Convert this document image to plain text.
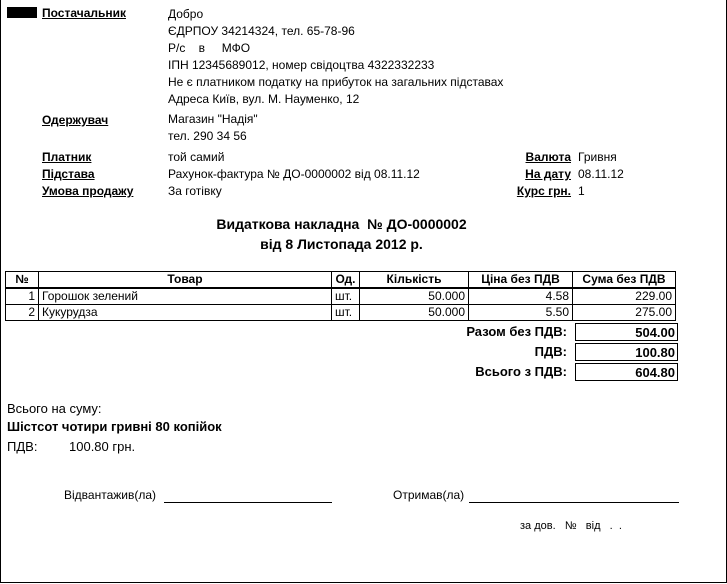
Постачальник	Добро
ЄДРПОУ 34214324, тел. 65-78-96
Р/с    в     МФО
ІПН 12345689012, номер свідоцтва 4322332233
Не є платником податку на прибуток на загальних підставах
Адреса Київ, вул. М. Науменко, 12
Одержувач	Магазин "Надія"
тел. 290 34 56
Платник	той самий
Підстава	Рахунок-фактура № ДО-0000002 від 08.11.12
Умова продажу	За готівку
Валюта Гривня
На дату 08.11.12
Курс грн. 1
Видаткова накладна  № ДО-0000002
від 8 Листопада 2012 р.
№	Товар	Од.	Кількість	Ціна без ПДВ	Сума без ПДВ
1	Горошок зелений	шт.	50.000	4.58	229.00
2	Кукурудза	шт.	50.000	5.50	275.00
Разом без ПДВ:	504.00
ПДВ:	100.80
Всього з ПДВ:	604.80
Всього на суму:
Шістсот чотири гривні 80 копійок
ПДВ: 100.80 грн.
Відвантажив(ла)	Отримав(ла)
за дов.   №   від   .  .
